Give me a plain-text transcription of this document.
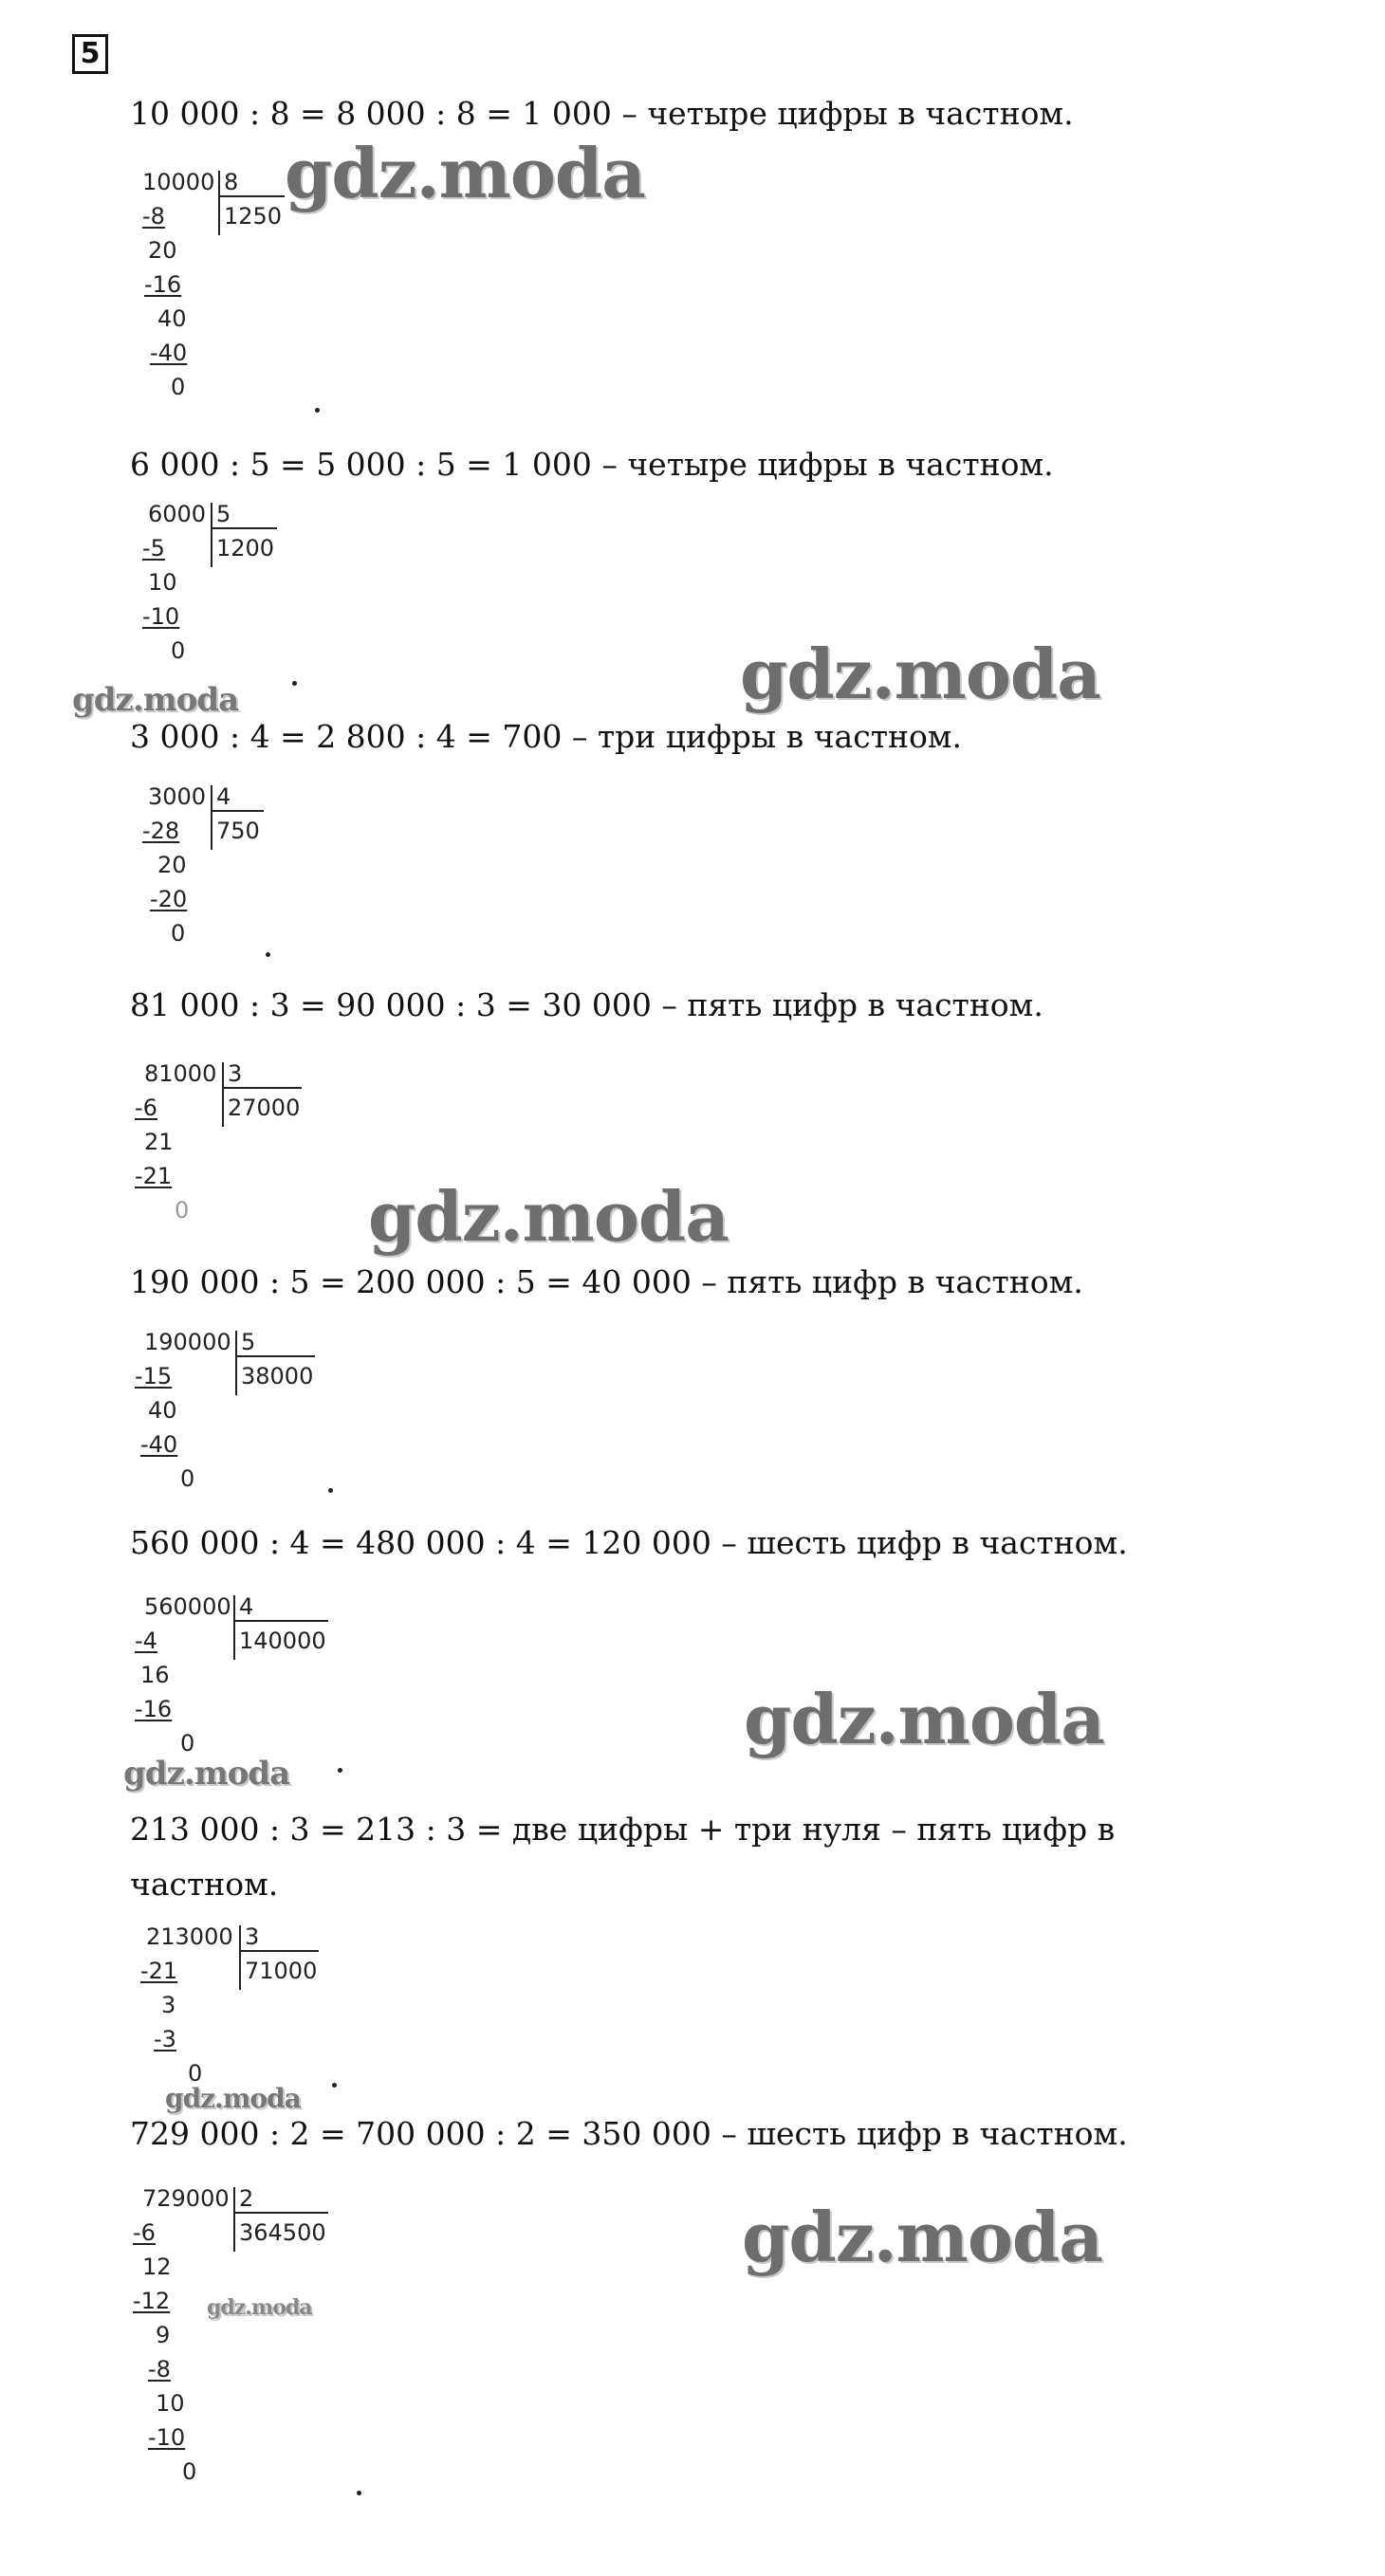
5
10 000 : 8 = 8 000 : 8 = 1 000 – четыре цифры в частном.
10000 8
1250
-8
20
-16
40
-40
0
6 000 : 5 = 5 000 : 5 = 1 000 – четыре цифры в частном.
6000 5
1200
-5
10
-10
0
3 000 : 4 = 2 800 : 4 = 700 – три цифры в частном.
3000 4
750
-28
20
-20
0
81 000 : 3 = 90 000 : 3 = 30 000 – пять цифр в частном.
81000 3
27000
-6
21
-21
0
190 000 : 5 = 200 000 : 5 = 40 000 – пять цифр в частном.
190000 5
38000
-15
40
-40
0
560 000 : 4 = 480 000 : 4 = 120 000 – шесть цифр в частном.
560000 4
140000
-4
16
-16
0
213 000 : 3 = 213 : 3 = две цифры + три нуля – пять цифр в частном.
213000 3
71000
-21
3
-3
0
729 000 : 2 = 700 000 : 2 = 350 000 – шесть цифр в частном.
729000 2
364500
-6
12
-12
9
-8
10
-10
0
gdz.moda
gdz.moda	gdz.moda
gdz.moda
gdz.moda
gdz.moda
gdz.moda
gdz.moda
gdz.moda
